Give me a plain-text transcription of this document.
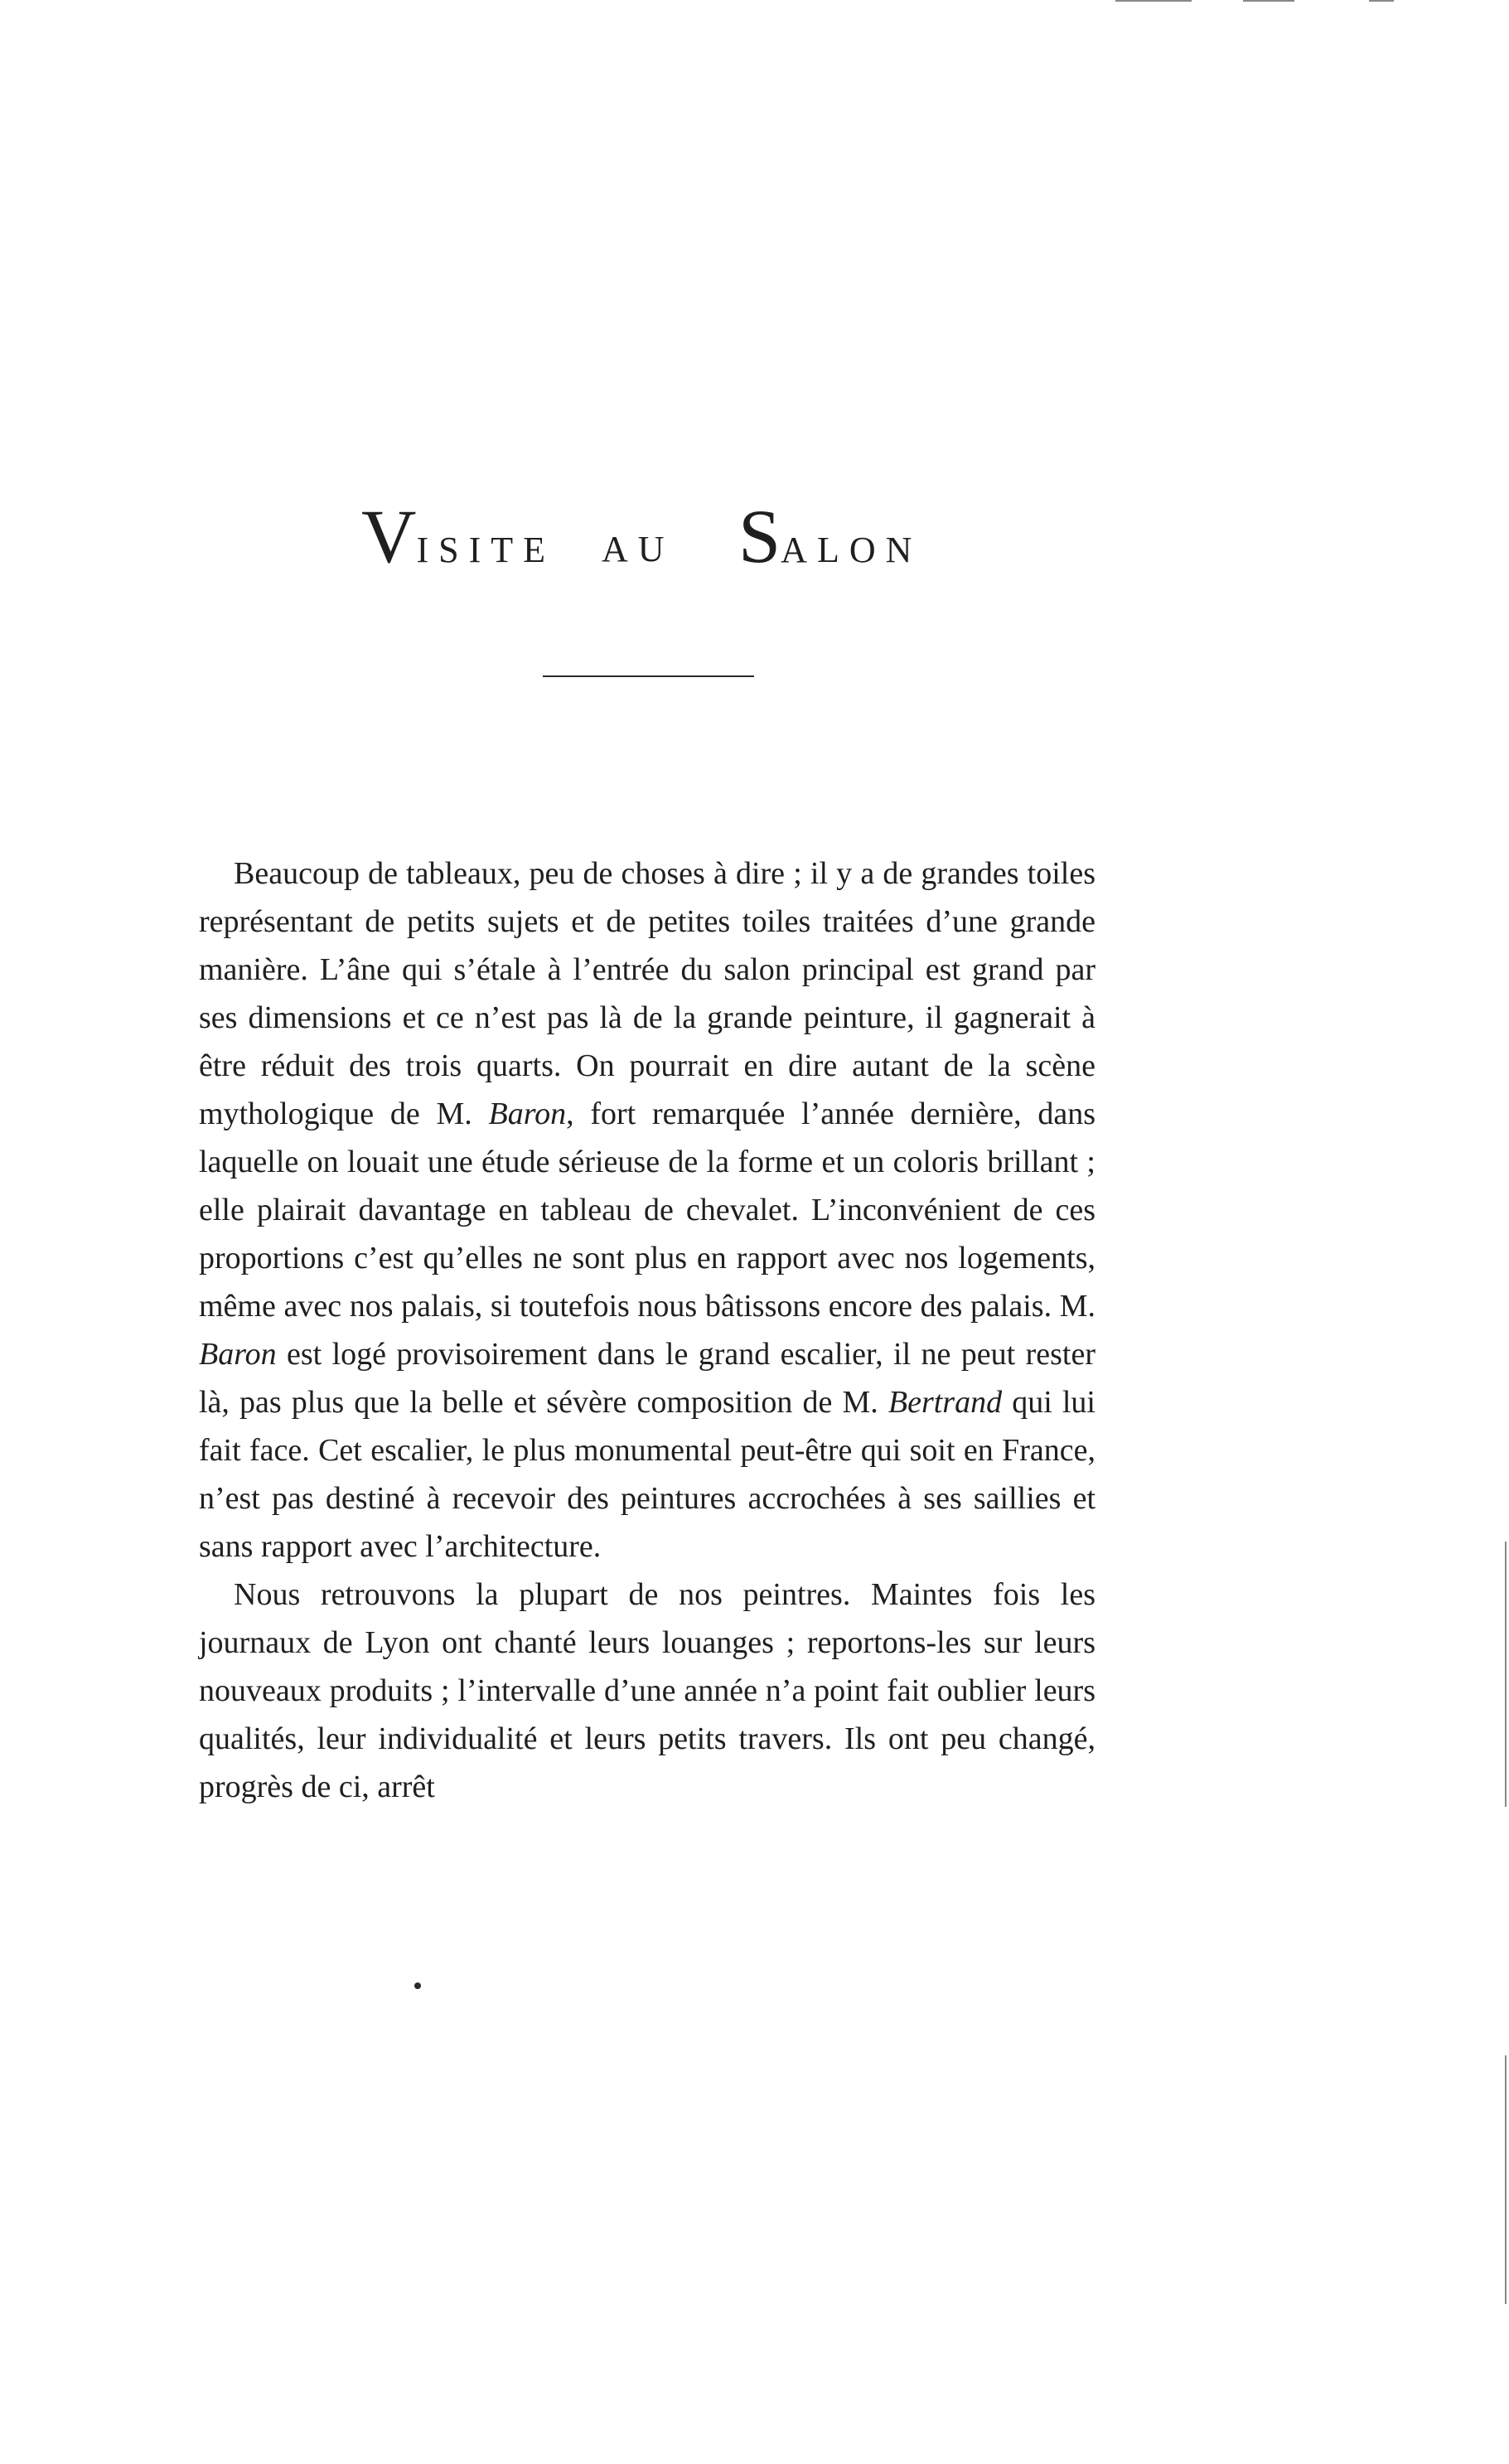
VISITE AU SALON

Beaucoup de tableaux, peu de choses à dire ; il y a de grandes toiles représentant de petits sujets et de petites toiles traitées d’une grande manière. L’âne qui s’étale à l’entrée du salon principal est grand par ses dimensions et ce n’est pas là de la grande peinture, il gagnerait à être réduit des trois quarts. On pourrait en dire autant de la scène mythologique de M. Baron, fort remarquée l’année dernière, dans laquelle on louait une étude sérieuse de la forme et un coloris brillant ; elle plairait davantage en tableau de chevalet. L’inconvénient de ces proportions c’est qu’elles ne sont plus en rapport avec nos logements, même avec nos palais, si toutefois nous bâtissons encore des palais. M. Baron est logé provisoirement dans le grand escalier, il ne peut rester là, pas plus que la belle et sévère composition de M. Bertrand qui lui fait face. Cet escalier, le plus monumental peut-être qui soit en France, n’est pas destiné à recevoir des peintures accrochées à ses saillies et sans rapport avec l’architecture.

Nous retrouvons la plupart de nos peintres. Maintes fois les journaux de Lyon ont chanté leurs louanges ; reportons-les sur leurs nouveaux produits ; l’intervalle d’une année n’a point fait oublier leurs qualités, leur individualité et leurs petits travers. Ils ont peu changé, progrès de ci, arrêt
